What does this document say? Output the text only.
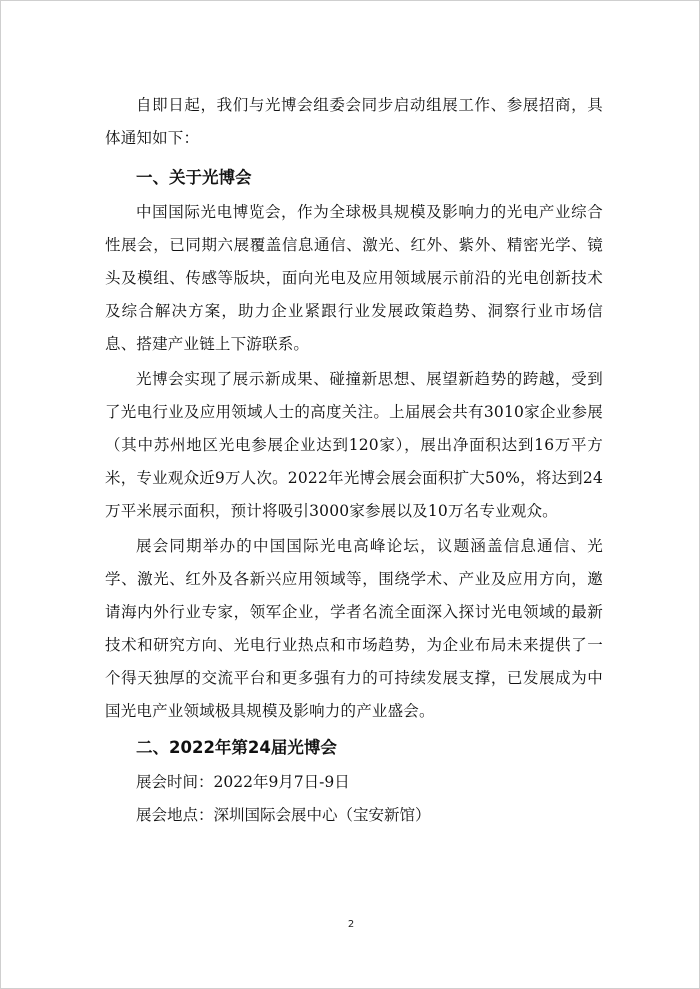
自即日起，我们与光博会组委会同步启动组展工作、参展招商，具体通知如下：

一、关于光博会

中国国际光电博览会，作为全球极具规模及影响力的光电产业综合性展会，已同期六展覆盖信息通信、激光、红外、紫外、精密光学、镜头及模组、传感等版块，面向光电及应用领域展示前沿的光电创新技术及综合解决方案，助力企业紧跟行业发展政策趋势、洞察行业市场信息、搭建产业链上下游联系。

光博会实现了展示新成果、碰撞新思想、展望新趋势的跨越，受到了光电行业及应用领域人士的高度关注。上届展会共有3010家企业参展（其中苏州地区光电参展企业达到120家），展出净面积达到16万平方米，专业观众近9万人次。2022年光博会展会面积扩大50%，将达到24万平米展示面积，预计将吸引3000家参展以及10万名专业观众。

展会同期举办的中国国际光电高峰论坛，议题涵盖信息通信、光学、激光、红外及各新兴应用领域等，围绕学术、产业及应用方向，邀请海内外行业专家，领军企业，学者名流全面深入探讨光电领域的最新技术和研究方向、光电行业热点和市场趋势，为企业布局未来提供了一个得天独厚的交流平台和更多强有力的可持续发展支撑，已发展成为中国光电产业领域极具规模及影响力的产业盛会。

二、2022年第24届光博会

展会时间：2022年9月7日-9日

展会地点：深圳国际会展中心（宝安新馆）

2
